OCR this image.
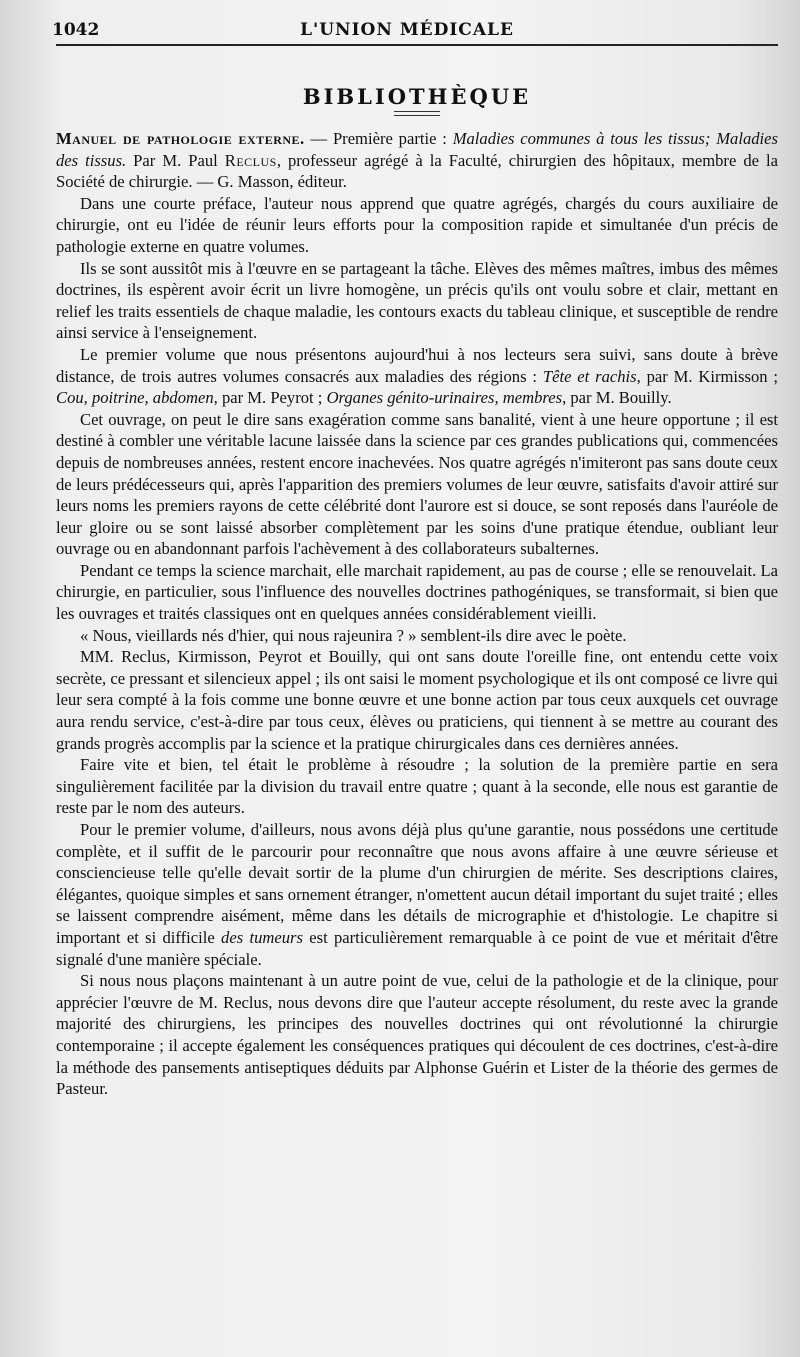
1042	L'UNION MÉDICALE
BIBLIOTHÈQUE

Manuel de pathologie externe. — Première partie : Maladies communes à tous les tissus; Maladies des tissus. Par M. Paul Reclus, professeur agrégé à la Faculté, chirurgien des hôpitaux, membre de la Société de chirurgie. — G. Masson, éditeur.

Dans une courte préface, l'auteur nous apprend que quatre agrégés, chargés du cours auxiliaire de chirurgie, ont eu l'idée de réunir leurs efforts pour la composition rapide et simultanée d'un précis de pathologie externe en quatre volumes.

Ils se sont aussitôt mis à l'œuvre en se partageant la tâche. Elèves des mêmes maîtres, imbus des mêmes doctrines, ils espèrent avoir écrit un livre homogène, un précis qu'ils ont voulu sobre et clair, mettant en relief les traits essentiels de chaque maladie, les contours exacts du tableau clinique, et susceptible de rendre ainsi service à l'enseignement.

Le premier volume que nous présentons aujourd'hui à nos lecteurs sera suivi, sans doute à brève distance, de trois autres volumes consacrés aux maladies des régions : Tête et rachis, par M. Kirmisson ; Cou, poitrine, abdomen, par M. Peyrot ; Organes génito-urinaires, membres, par M. Bouilly.

Cet ouvrage, on peut le dire sans exagération comme sans banalité, vient à une heure opportune ; il est destiné à combler une véritable lacune laissée dans la science par ces grandes publications qui, commencées depuis de nombreuses années, restent encore inachevées. Nos quatre agrégés n'imiteront pas sans doute ceux de leurs prédécesseurs qui, après l'apparition des premiers volumes de leur œuvre, satisfaits d'avoir attiré sur leurs noms les premiers rayons de cette célébrité dont l'aurore est si douce, se sont reposés dans l'auréole de leur gloire ou se sont laissé absorber complètement par les soins d'une pratique étendue, oubliant leur ouvrage ou en abandonnant parfois l'achèvement à des collaborateurs subalternes.

Pendant ce temps la science marchait, elle marchait rapidement, au pas de course ; elle se renouvelait. La chirurgie, en particulier, sous l'influence des nouvelles doctrines pathogéniques, se transformait, si bien que les ouvrages et traités classiques ont en quelques années considérablement vieilli.

« Nous, vieillards nés d'hier, qui nous rajeunira ? » semblent-ils dire avec le poète.

MM. Reclus, Kirmisson, Peyrot et Bouilly, qui ont sans doute l'oreille fine, ont entendu cette voix secrète, ce pressant et silencieux appel ; ils ont saisi le moment psychologique et ils ont composé ce livre qui leur sera compté à la fois comme une bonne œuvre et une bonne action par tous ceux auxquels cet ouvrage aura rendu service, c'est-à-dire par tous ceux, élèves ou praticiens, qui tiennent à se mettre au courant des grands progrès accomplis par la science et la pratique chirurgicales dans ces dernières années.

Faire vite et bien, tel était le problème à résoudre ; la solution de la première partie en sera singulièrement facilitée par la division du travail entre quatre ; quant à la seconde, elle nous est garantie de reste par le nom des auteurs.

Pour le premier volume, d'ailleurs, nous avons déjà plus qu'une garantie, nous possédons une certitude complète, et il suffit de le parcourir pour reconnaître que nous avons affaire à une œuvre sérieuse et consciencieuse telle qu'elle devait sortir de la plume d'un chirurgien de mérite. Ses descriptions claires, élégantes, quoique simples et sans ornement étranger, n'omettent aucun détail important du sujet traité ; elles se laissent comprendre aisément, même dans les détails de micrographie et d'histologie. Le chapitre si important et si difficile des tumeurs est particulièrement remarquable à ce point de vue et méritait d'être signalé d'une manière spéciale.

Si nous nous plaçons maintenant à un autre point de vue, celui de la pathologie et de la clinique, pour apprécier l'œuvre de M. Reclus, nous devons dire que l'auteur accepte résolument, du reste avec la grande majorité des chirurgiens, les principes des nouvelles doctrines qui ont révolutionné la chirurgie contemporaine ; il accepte également les conséquences pratiques qui découlent de ces doctrines, c'est-à-dire la méthode des pansements antiseptiques déduits par Alphonse Guérin et Lister de la théorie des germes de Pasteur.
